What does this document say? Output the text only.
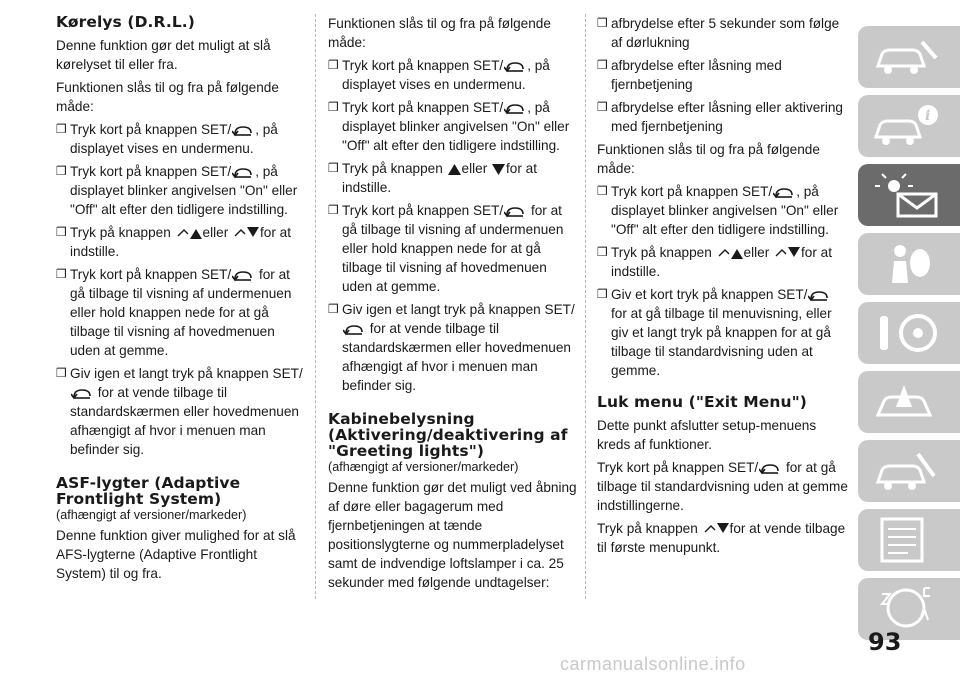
Kørelys (D.R.L.)

Denne funktion gør det muligt at slå kørelyset til eller fra.

Funktionen slås til og fra på følgende måde:

❒ Tryk kort på knappen SET/ , på displayet vises en undermenu.
❒ Tryk kort på knappen SET/ , på displayet blinker angivelsen "On" eller "Off" alt efter den tidligere indstilling.
❒ Tryk på knappen eller for at indstille.
❒ Tryk kort på knappen SET/ for at gå tilbage til visning af undermenuen eller hold knappen nede for at gå tilbage til visning af hovedmenuen uden at gemme.
❒ Giv igen et langt tryk på knappen SET/ for at vende tilbage til standardskærmen eller hovedmenuen afhængigt af hvor i menuen man befinder sig.
ASF-lygter (Adaptive Frontlight System)
(afhængigt af versioner/markeder)

Denne funktion giver mulighed for at slå AFS-lygterne (Adaptive Frontlight System) til og fra.

Funktionen slås til og fra på følgende måde:

❒ Tryk kort på knappen SET/ , på displayet vises en undermenu.
❒ Tryk kort på knappen SET/ , på displayet blinker angivelsen "On" eller "Off" alt efter den tidligere indstilling.
❒ Tryk på knappen eller for at indstille.
❒ Tryk kort på knappen SET/ for at gå tilbage til visning af undermenuen eller hold knappen nede for at gå tilbage til visning af hovedmenuen uden at gemme.
❒ Giv igen et langt tryk på knappen SET/ for at vende tilbage til standardskærmen eller hovedmenuen afhængigt af hvor i menuen man befinder sig.
Kabinebelysning (Aktivering/deaktivering af "Greeting lights")
(afhængigt af versioner/markeder)

Denne funktion gør det muligt ved åbning af døre eller bagagerum med fjernbetjeningen at tænde positionslygterne og nummerpladelyset samt de indvendige loftslamper i ca. 25 sekunder med følgende undtagelser:

❒ afbrydelse efter 5 sekunder som følge af dørlukning
❒ afbrydelse efter låsning med fjernbetjening
❒ afbrydelse efter låsning eller aktivering med fjernbetjening

Funktionen slås til og fra på følgende måde:

❒ Tryk kort på knappen SET/ , på displayet blinker angivelsen "On" eller "Off" alt efter den tidligere indstilling.
❒ Tryk på knappen eller for at indstille.
❒ Giv et kort tryk på knappen SET/ for at gå tilbage til menuvisning, eller giv et langt tryk på knappen for at gå tilbage til standardvisning uden at gemme.
Luk menu ("Exit Menu")

Dette punkt afslutter setup-menuens kreds af funktioner.

Tryk kort på knappen SET/ for at gå tilbage til standardvisning uden at gemme indstillingerne.

Tryk på knappen for at vende tilbage til første menupunkt.

i
93
carmanualsonline.info
